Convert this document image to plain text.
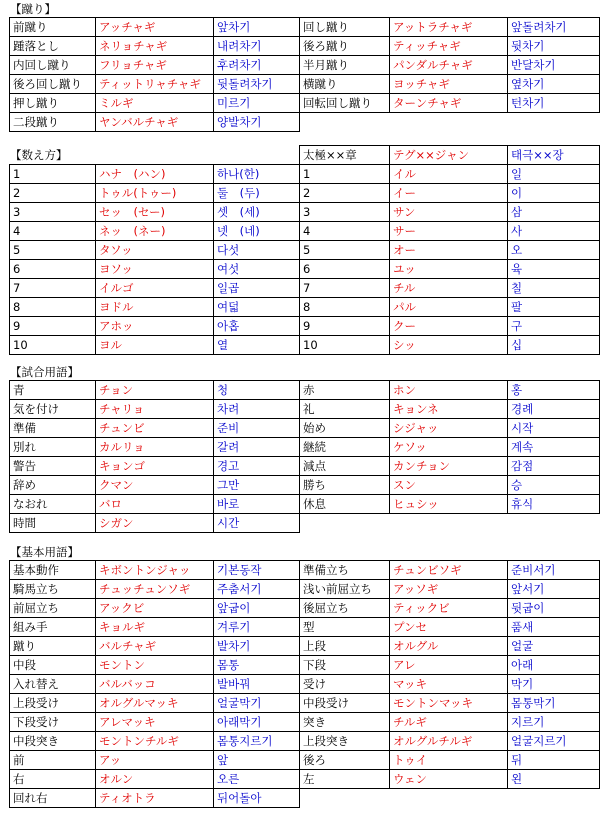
【蹴り】
前蹴り	アッチャギ	앞차기	回し蹴り	アットラチャギ	앞돌려차기
踵落とし	ネリョチャギ	내려차기	後ろ蹴り	ティッチャギ	뒷차기
内回し蹴り	フリョチャギ	후려차기	半月蹴り	パンダルチャギ	반달차기
後ろ回し蹴り	ティットリャチャギ	뒷돌려차기	横蹴り	ヨッチャギ	옆차기
押し蹴り	ミルギ	미르기	回転回し蹴り	ターンチャギ	턴차기
二段蹴り	ヤンバルチャギ	양발차기			
【数え方】
			太極××章	テグ××ジャン	태극××장
1	ハナ　(ハン)	하나(한)	1	イル	일
2	トゥル(トゥー)	둘　(두)	2	イー	이
3	セッ　(セー)	셋　(세)	3	サン	삼
4	ネッ　(ネー)	넷　(네)	4	サー	사
5	タソッ	다섯	5	オー	오
6	ヨソッ	여섯	6	ユッ	육
7	イルゴ	일곱	7	チル	칠
8	ヨドル	여덟	8	パル	팔
9	アホッ	아홉	9	クー	구
10	ヨル	열	10	シッ	십
【試合用語】
青	チョン	청	赤	ホン	홍
気を付け	チャリョ	차려	礼	キョンネ	경례
準備	チュンビ	준비	始め	シジャッ	시작
別れ	カルリョ	갈려	継続	ケソッ	계속
警告	キョンゴ	경고	減点	カンチョン	감점
辞め	クマン	그만	勝ち	スン	승
なおれ	バロ	바로	休息	ヒュシッ	휴식
時間	シガン	시간			
【基本用語】
基本動作	キボントンジャッ	기본동작	準備立ち	チュンビソギ	준비서기
騎馬立ち	チュッチュンソギ	주춤서기	浅い前屈立ち	アッソギ	앞서기
前屈立ち	アックビ	앞굽이	後屈立ち	ティックビ	뒷굽이
組み手	キョルギ	겨루기	型	プンセ	품새
蹴り	バルチャギ	발차기	上段	オルグル	얼굴
中段	モントン	몸통	下段	アレ	아래
入れ替え	バルバッコ	발바꿔	受け	マッキ	막기
上段受け	オルグルマッキ	얼굴막기	中段受け	モントンマッキ	몸통막기
下段受け	アレマッキ	아래막기	突き	チルギ	지르기
中段突き	モントンチルギ	몸통지르기	上段突き	オルグルチルギ	얼굴지르기
前	アッ	앞	後ろ	トゥイ	뒤
右	オルン	오른	左	ウェン	왼
回れ右	ティオトラ	뒤어돌아			
